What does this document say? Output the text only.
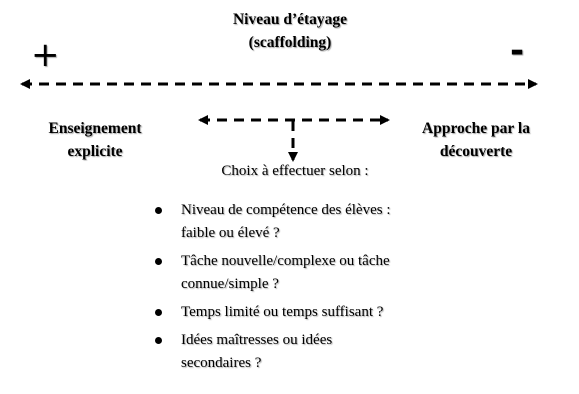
Niveau d’étayage
(scaffolding)
+	-
Enseignement
explicite
Approche par la
découverte
Choix à effectuer selon :
Niveau de compétence des élèves :
faible ou élevé ?
Tâche nouvelle/complexe ou tâche
connue/simple ?
Temps limité ou temps suffisant ?
Idées maîtresses ou idées
secondaires ?
